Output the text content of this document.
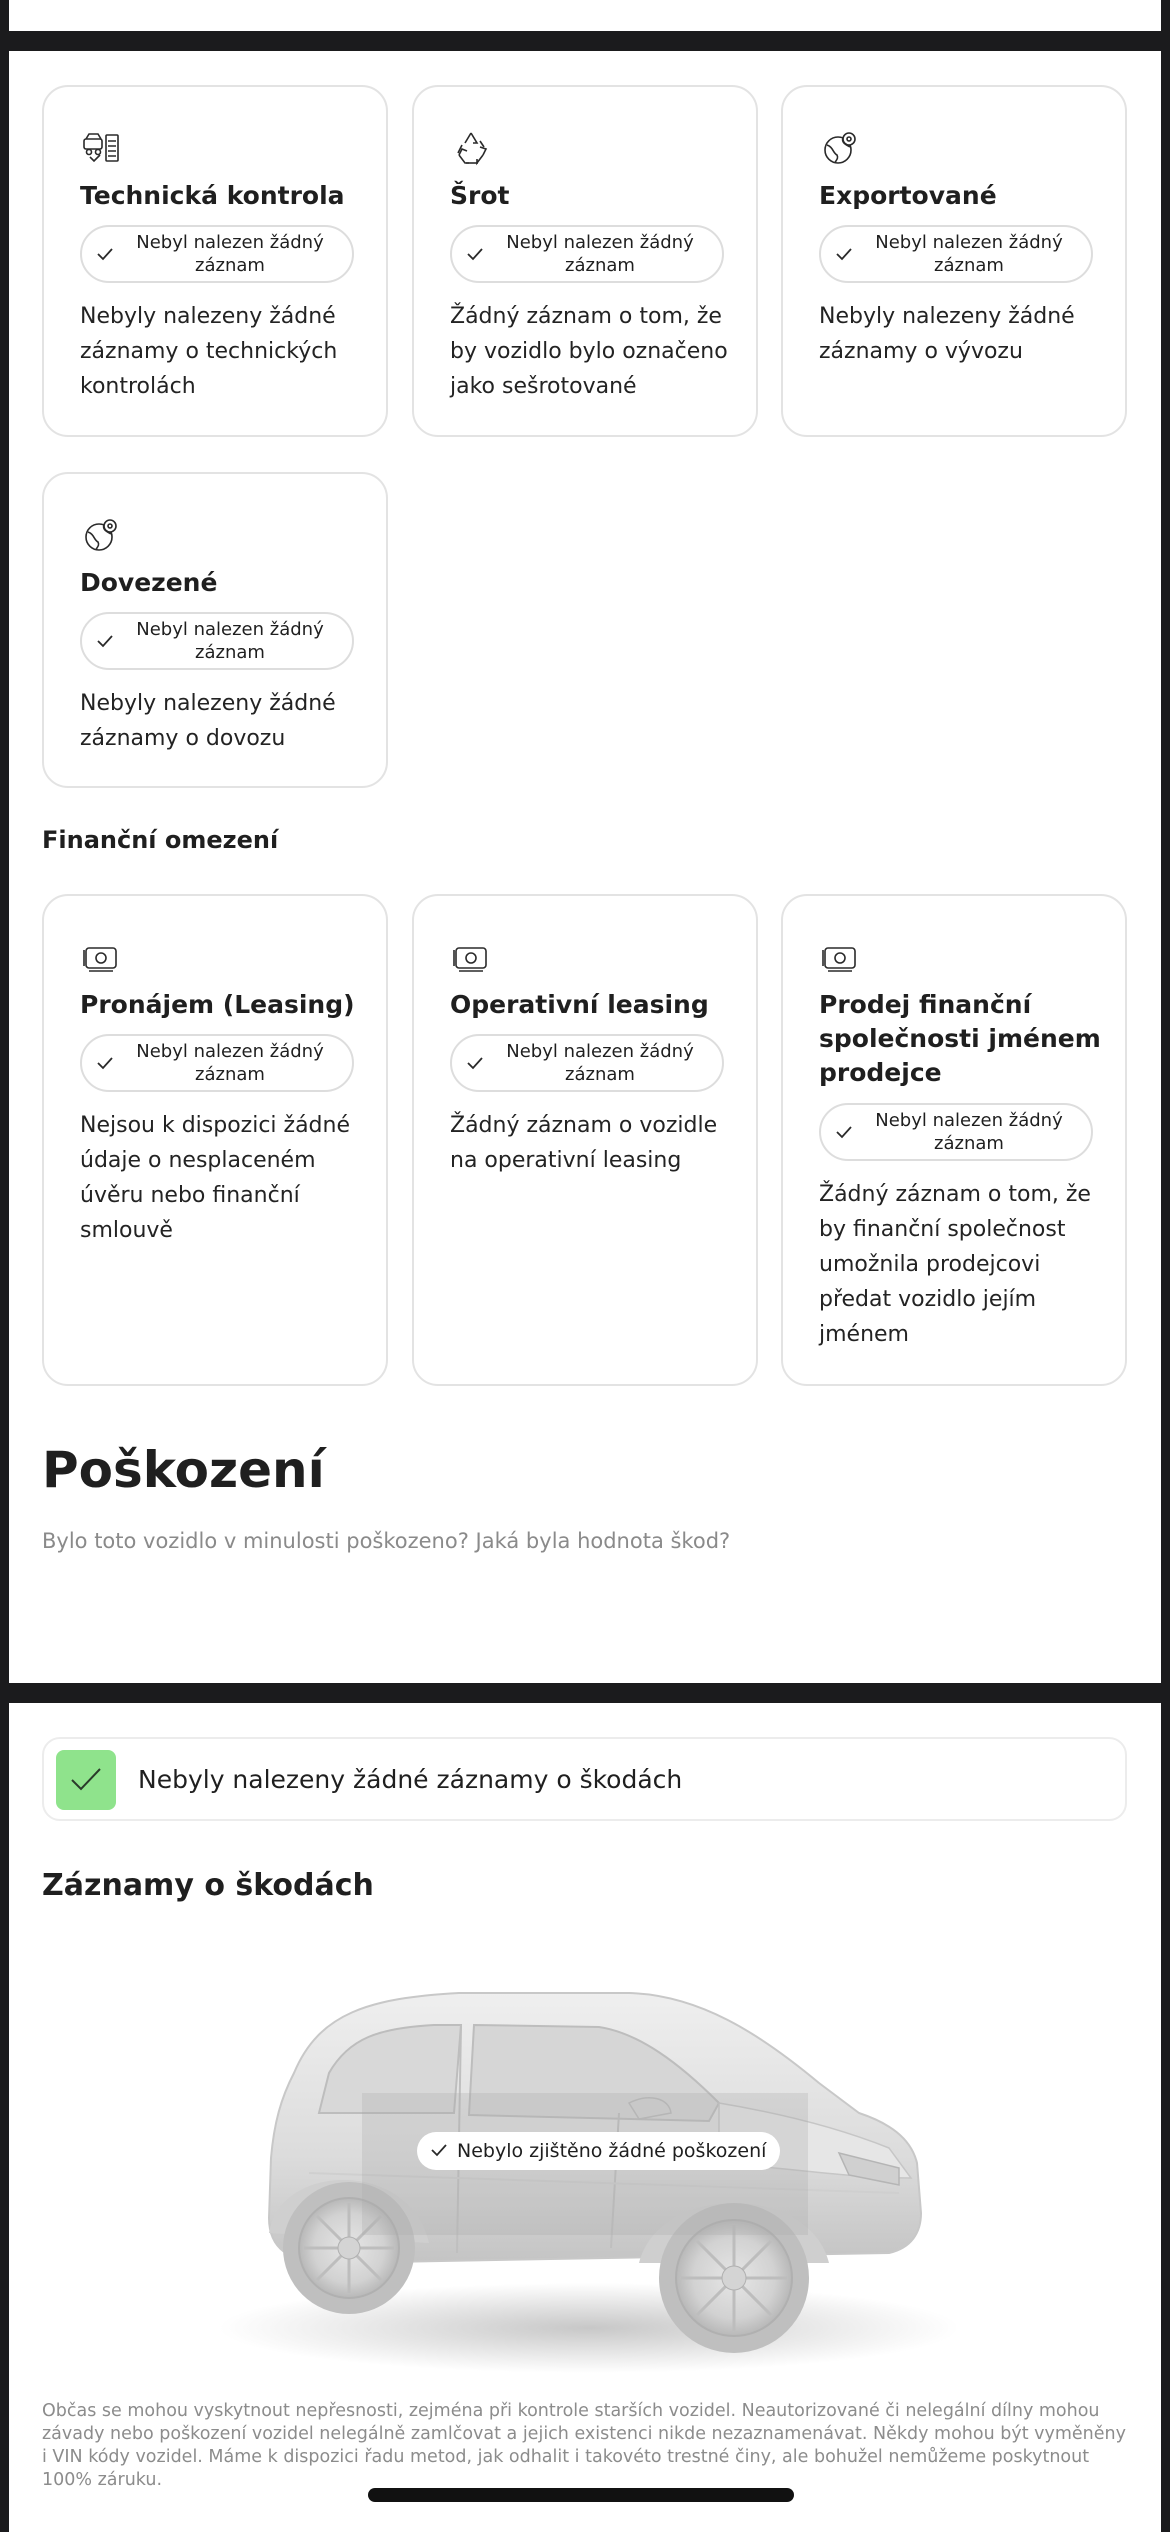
Technická kontrola
Nebyl nalezen žádný záznam
Nebyly nalezeny žádné záznamy o technických kontrolách
Šrot
Nebyl nalezen žádný záznam
Žádný záznam o tom, že by vozidlo bylo označeno jako sešrotované
Exportované
Nebyl nalezen žádný záznam
Nebyly nalezeny žádné záznamy o vývozu
Dovezené
Nebyl nalezen žádný záznam
Nebyly nalezeny žádné záznamy o dovozu
Finanční omezení
Pronájem (Leasing)
Nebyl nalezen žádný záznam
Nejsou k dispozici žádné údaje o nesplaceném úvěru nebo finanční smlouvě
Operativní leasing
Nebyl nalezen žádný záznam
Žádný záznam o vozidle na operativní leasing
Prodej finanční společnosti jménem prodejce
Nebyl nalezen žádný záznam
Žádný záznam o tom, že by finanční společnost umožnila prodejcovi předat vozidlo jejím jménem
Poškození
Bylo toto vozidlo v minulosti poškozeno? Jaká byla hodnota škod?
Nebyly nalezeny žádné záznamy o škodách
Záznamy o škodách
Nebylo zjištěno žádné poškození
Občas se mohou vyskytnout nepřesnosti, zejména při kontrole starších vozidel. Neautorizované či nelegální dílny mohou závady nebo poškození vozidel nelegálně zamlčovat a jejich existenci nikde nezaznamenávat. Někdy mohou být vyměněny i VIN kódy vozidel. Máme k dispozici řadu metod, jak odhalit i takovéto trestné činy, ale bohužel nemůžeme poskytnout 100% záruku.
